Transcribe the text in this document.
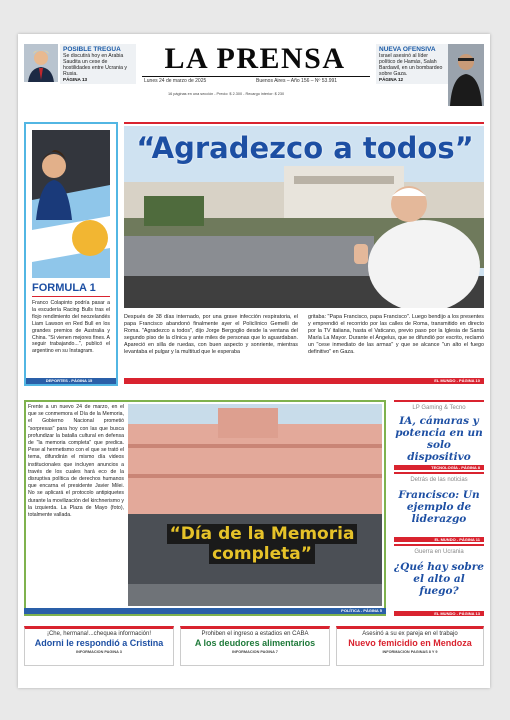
POSIBLE TREGUA
Se discutirá hoy en Arabia Saudita un cese de hostilidades entre Ucrania y Rusia.
PÁGINA 13
LA PRENSA
Lunes 24 de marzo de 2025	Buenos Aires – Año 156 – Nº 53.991
16 páginas en una sección - Precio: $ 2.300 - Recargo interior: $ 230
NUEVA OFENSIVA
Israel asesinó al líder político de Hamás, Salah Bardawil, en un bombardeo sobre Gaza.
PÁGINA 12
FORMULA 1
Franco Colapinto podría pasar a la escudería Racing Bulls tras el flojo rendimiento del neozelandés Liam Lawson en Red Bull en los grandes premios de Australia y China. "Si vienen mejores fines. A seguir trabajando...", publicó el argentino en su Instagram.
DEPORTES - PÁGINA 15
“Agradezco a todos”
Después de 38 días internado, por una grave infección respiratoria, el papa Francisco abandonó finalmente ayer el Policlínico Gemelli de Roma. "Agradezco a todos", dijo Jorge Bergoglio desde la ventana del segundo piso de la clínica y ante miles de personas que lo aguardaban. Apareció en silla de ruedas, con buen aspecto y sonriente, mientras levantaba el pulgar y la multitud que le esperaba
gritaba: "Papa Francisco, papa Francisco". Luego bendijo a los presentes y emprendió el recorrido por las calles de Roma, transmitido en directo por la TV italiana, hasta el Vaticano, previo paso por la Iglesia de Santa María La Mayor. Durante el Ángelus, que se difundió por escrito, reclamó un "cese inmediato de las armas" y que se alcance "un alto el fuego definitivo" en Gaza.
EL MUNDO - PÁGINA 10
Frente a un nuevo 24 de marzo, en el que se conmemora el Día de la Memoria, el Gobierno Nacional prometió "sorpresas" para hoy con las que busca profundizar la batalla cultural en defensa de "la memoria completa" que predica. Pese al hermetismo con el que se trató el tema, difundirán el mismo día videos institucionales que incluyen anuncios a través de los cuales hará eco de la disruptiva política de derechos humanos que encarna el presidente Javier Milei. No se aplicará el protocolo antipiquetes durante la movilización del kirchnerismo y la izquierda. La Plaza de Mayo (foto), totalmente vallada.
“Día de la Memoria
completa”
POLÍTICA - PÁGINA 5
LP Gaming & Tecno
IA, cámaras y potencia en un solo dispositivo
TECNOLOGÍA - PÁGINA 8
Detrás de las noticias
Francisco: Un ejemplo de liderazgo
EL MUNDO - PÁGINA 11
Guerra en Ucrania
¿Qué hay sobre el alto al fuego?
EL MUNDO - PÁGINA 13
¡Che, hermana!...chequea información!
Adorni le respondió a Cristina
INFORMACION PAGINA 3
Prohiben el ingreso a estadios en CABA
A los deudores alimentarios
INFORMACION PAGINA 7
Asesinó a su ex pareja en el trabajo
Nuevo femicidio en Mendoza
INFORMACION PAGINAS 8 Y 9
